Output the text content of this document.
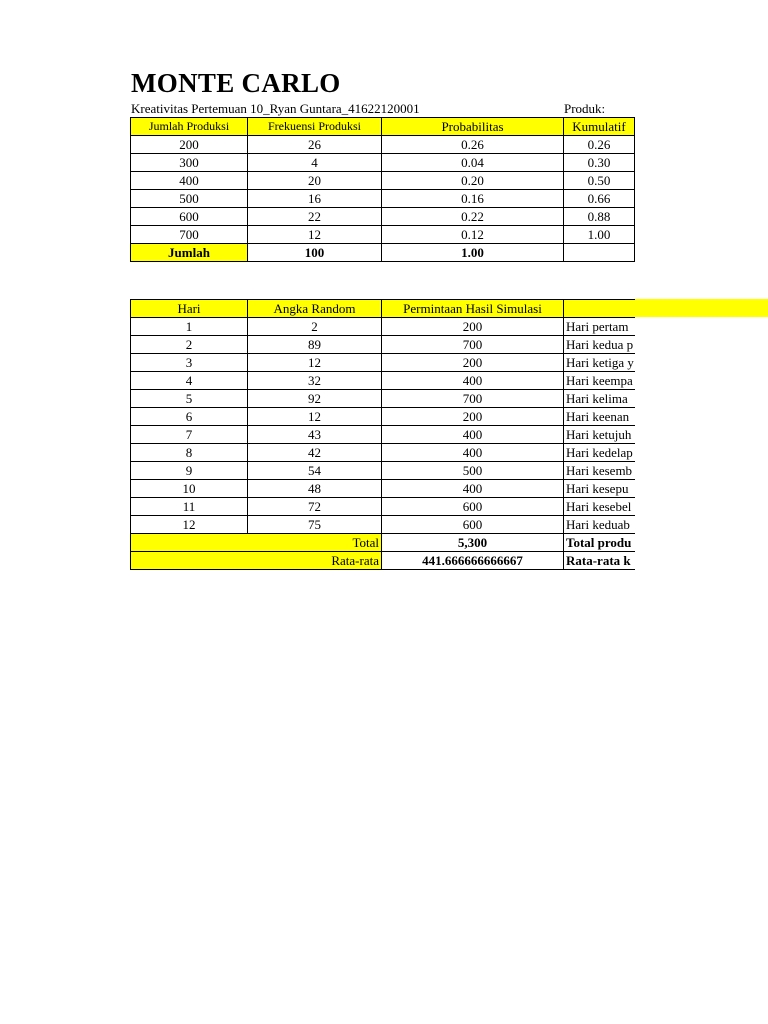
MONTE CARLO
Kreativitas Pertemuan 10_Ryan Guntara_41622120001	Produk:
Jumlah Produksi	Frekuensi Produksi	Probabilitas	Kumulatif
200	26	0.26	0.26
300	4	0.04	0.30
400	20	0.20	0.50
500	16	0.16	0.66
600	22	0.22	0.88
700	12	0.12	1.00
Jumlah	100	1.00	
Hari	Angka Random	Permintaan Hasil Simulasi	
1	2	200	Hari pertam
2	89	700	Hari kedua p
3	12	200	Hari ketiga y
4	32	400	Hari keempa
5	92	700	Hari kelima
6	12	200	Hari keenan
7	43	400	Hari ketujuh
8	42	400	Hari kedelap
9	54	500	Hari kesemb
10	48	400	Hari kesepu
11	72	600	Hari kesebel
12	75	600	Hari keduab
Total		5,300	Total produ
Rata-rata		441.666666666667	Rata-rata k
